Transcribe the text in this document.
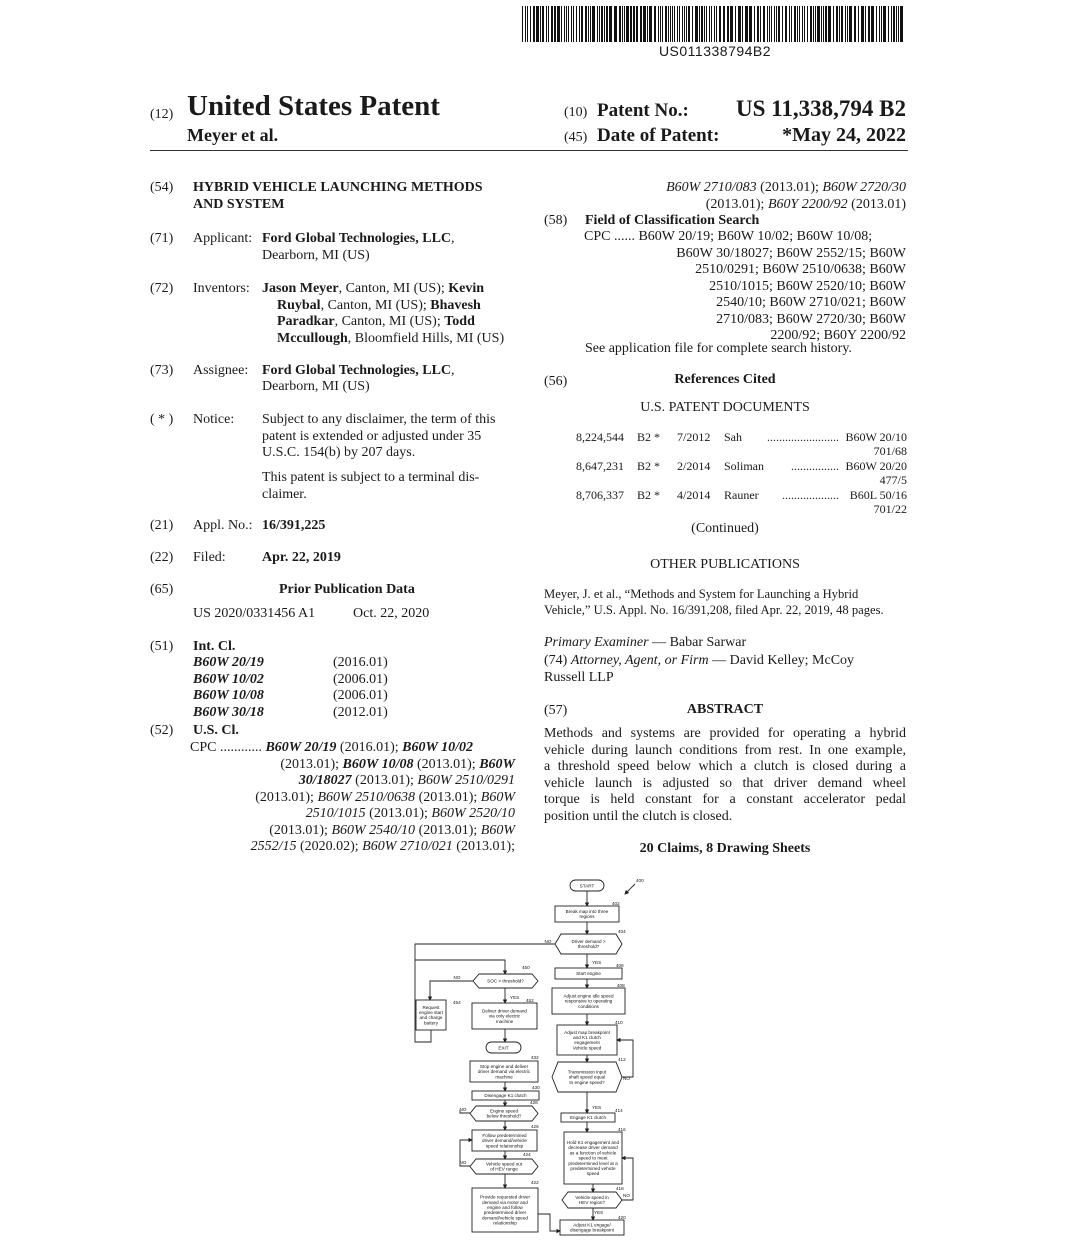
US011338794B2
(12) United States Patent
Meyer et al.
(10) Patent No.:	US 11,338,794 B2
(45) Date of Patent:	*May 24, 2022
(54) HYBRID VEHICLE LAUNCHING METHODS
AND SYSTEM
(71) Applicant: Ford Global Technologies, LLC,
Dearborn, MI (US)
(72) Inventors: Jason Meyer, Canton, MI (US); Kevin
Ruybal, Canton, MI (US); Bhavesh
Paradkar, Canton, MI (US); Todd
Mccullough, Bloomfield Hills, MI (US)
(73) Assignee: Ford Global Technologies, LLC,
Dearborn, MI (US)
( * ) Notice: Subject to any disclaimer, the term of this
patent is extended or adjusted under 35
U.S.C. 154(b) by 207 days.
This patent is subject to a terminal dis-
claimer.
(21) Appl. No.: 16/391,225
(22) Filed:	Apr. 22, 2019
(65)	Prior Publication Data
US 2020/0331456 A1	Oct. 22, 2020
(51) Int. Cl.
B60W 20/19	(2016.01)
B60W 10/02	(2006.01)
B60W 10/08	(2006.01)
B60W 30/18	(2012.01)
(52) U.S. Cl.
CPC ............ B60W 20/19 (2016.01); B60W 10/02
(2013.01); B60W 10/08 (2013.01); B60W
30/18027 (2013.01); B60W 2510/0291
(2013.01); B60W 2510/0638 (2013.01); B60W
2510/1015 (2013.01); B60W 2520/10
(2013.01); B60W 2540/10 (2013.01); B60W
2552/15 (2020.02); B60W 2710/021 (2013.01);
B60W 2710/083 (2013.01); B60W 2720/30
(2013.01); B60Y 2200/92 (2013.01)
(58) Field of Classification Search
CPC ...... B60W 20/19; B60W 10/02; B60W 10/08;
B60W 30/18027; B60W 2552/15; B60W
2510/0291; B60W 2510/0638; B60W
2510/1015; B60W 2520/10; B60W
2540/10; B60W 2710/021; B60W
2710/083; B60W 2720/30; B60W
2200/92; B60Y 2200/92
See application file for complete search history.
(56)	References Cited
U.S. PATENT DOCUMENTS
8,224,544 B2 * 7/2012 Sah ........................ B60W 20/10
701/68
8,647,231 B2 * 2/2014 Soliman ................ B60W 20/20
477/5
8,706,337 B2 * 4/2014 Rauner ................... B60L 50/16
701/22
(Continued)
OTHER PUBLICATIONS
Meyer, J. et al., “Methods and System for Launching a Hybrid
Vehicle,” U.S. Appl. No. 16/391,208, filed Apr. 22, 2019, 48 pages.
Primary Examiner — Babar Sarwar
(74) Attorney, Agent, or Firm — David Kelley; McCoy
Russell LLP
(57)	ABSTRACT
Methods and systems are provided for operating a hybrid
vehicle during launch conditions from rest. In one example,
a threshold speed below which a clutch is closed during a
vehicle launch is adjusted so that driver demand wheel
torque is held constant for a constant accelerator pedal
position until the clutch is closed.
20 Claims, 8 Drawing Sheets
START
400
Break map into three
regions
402
Driver demand >
threshold?
404
NO
YES
Start engine
406
Adjust engine idle speed
responsive to operating
conditions
408
Adjust map breakpoint
and K1 clutch
engagement
Vehicle speed
410
Transmission input
shaft speed equal
to engine speed?
412
NO
YES
Engage K1 clutch
414
Hold K1 engagement and
decrease driver demand
as a function of vehicle
speed to meet
predetermined level at a
predetermined vehicle
speed
416
Vehicle speed in
HEV region?
418
NO
YES
Adjust K1 engage/
disengage breakpoint
420
SOC > threshold?
450
NO
Request
engine start
and charge
battery
454
YES
Deliver driver demand
via only electric
machine
452
EXIT
Stop engine and deliver
driver demand via electric
machine
432
Disengage K1 clutch
430
Engine speed
below threshold?
428
NO
Follow predetermined
driver demand/vehicle
speed relationship
426
Vehicle speed out
of HEV range
424
NO
Provide requested driver
demand via motor and
engine and follow
predetermined driver
demand/vehicle speed
relationship
422
